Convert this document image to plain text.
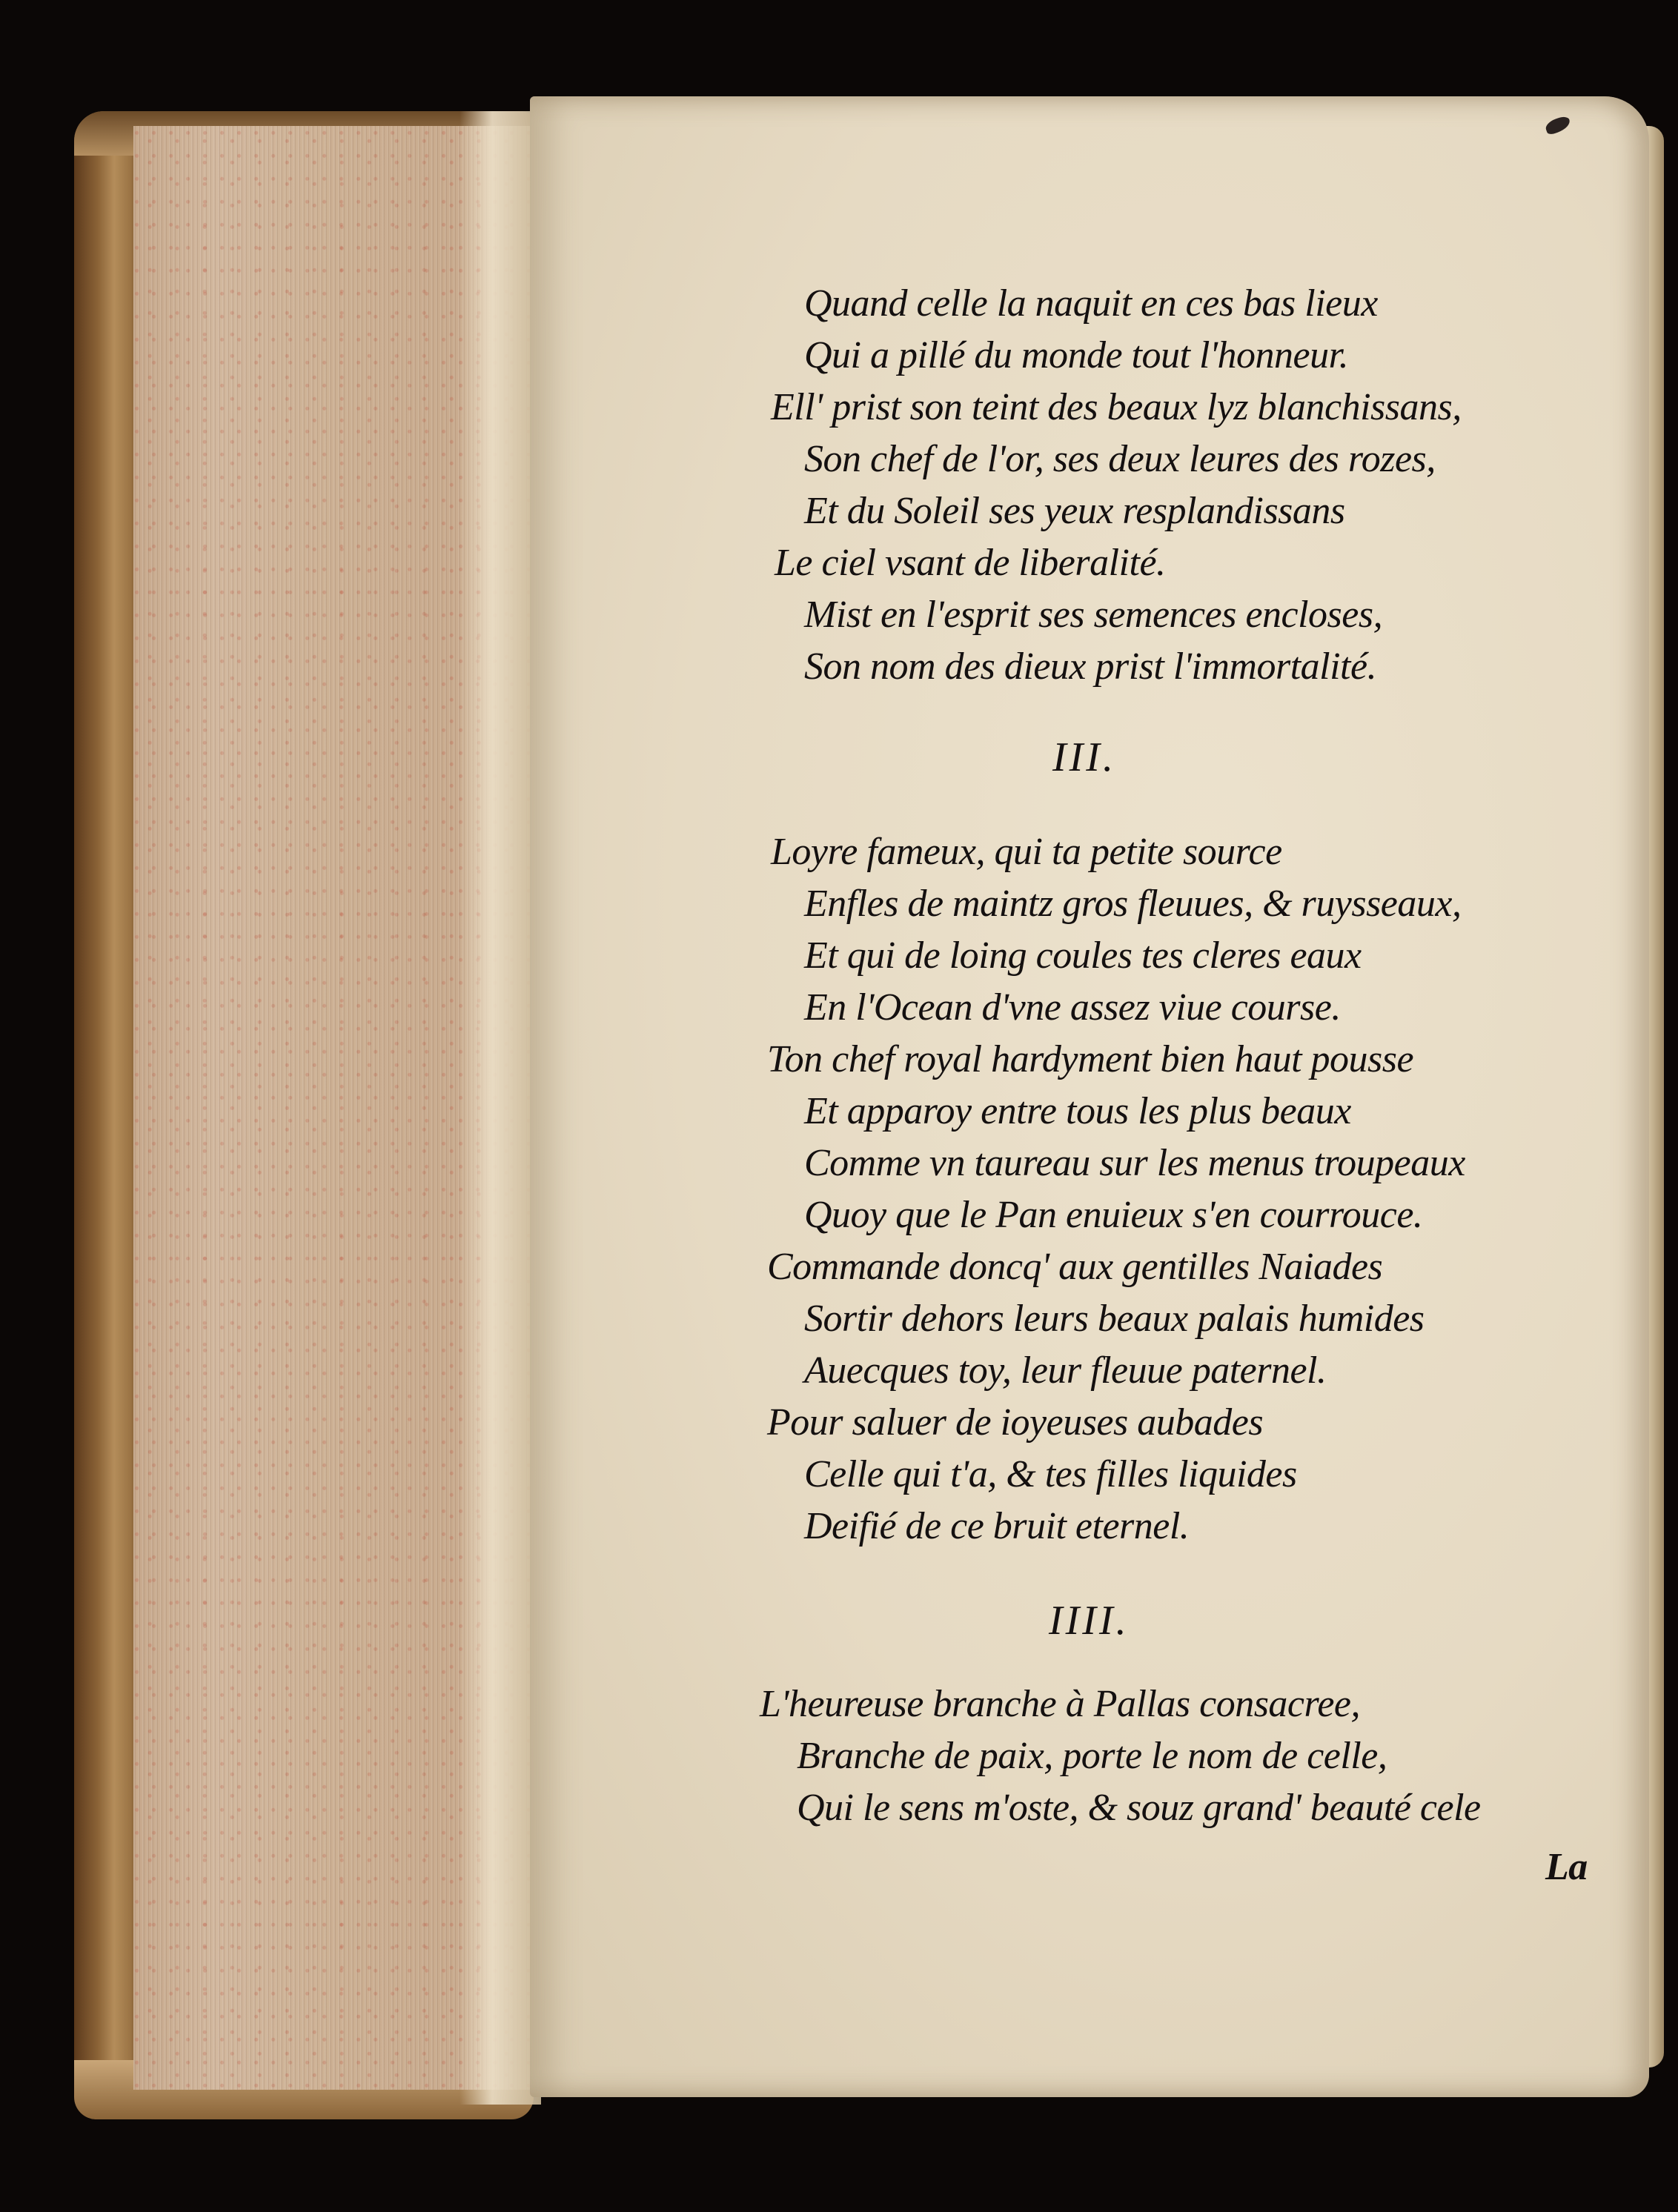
Quand celle la naquit en ces bas lieux
Qui a pillé du monde tout l'honneur.
Ell' prist son teint des beaux lyz blanchissans,
Son chef de l'or, ses deux leures des rozes,
Et du Soleil ses yeux resplandissans
Le ciel vsant de liberalité.
Mist en l'esprit ses semences encloses,
Son nom des dieux prist l'immortalité.
III.
Loyre fameux, qui ta petite source
Enfles de maintz gros fleuues, & ruysseaux,
Et qui de loing coules tes cleres eaux
En l'Ocean d'vne assez viue course.
Ton chef royal hardyment bien haut pousse
Et apparoy entre tous les plus beaux
Comme vn taureau sur les menus troupeaux
Quoy que le Pan enuieux s'en courrouce.
Commande doncq' aux gentilles Naiades
Sortir dehors leurs beaux palais humides
Auecques toy, leur fleuue paternel.
Pour saluer de ioyeuses aubades
Celle qui t'a, & tes filles liquides
Deifié de ce bruit eternel.
IIII.
L'heureuse branche à Pallas consacree,
Branche de paix, porte le nom de celle,
Qui le sens m'oste, & souz grand' beauté cele
La
